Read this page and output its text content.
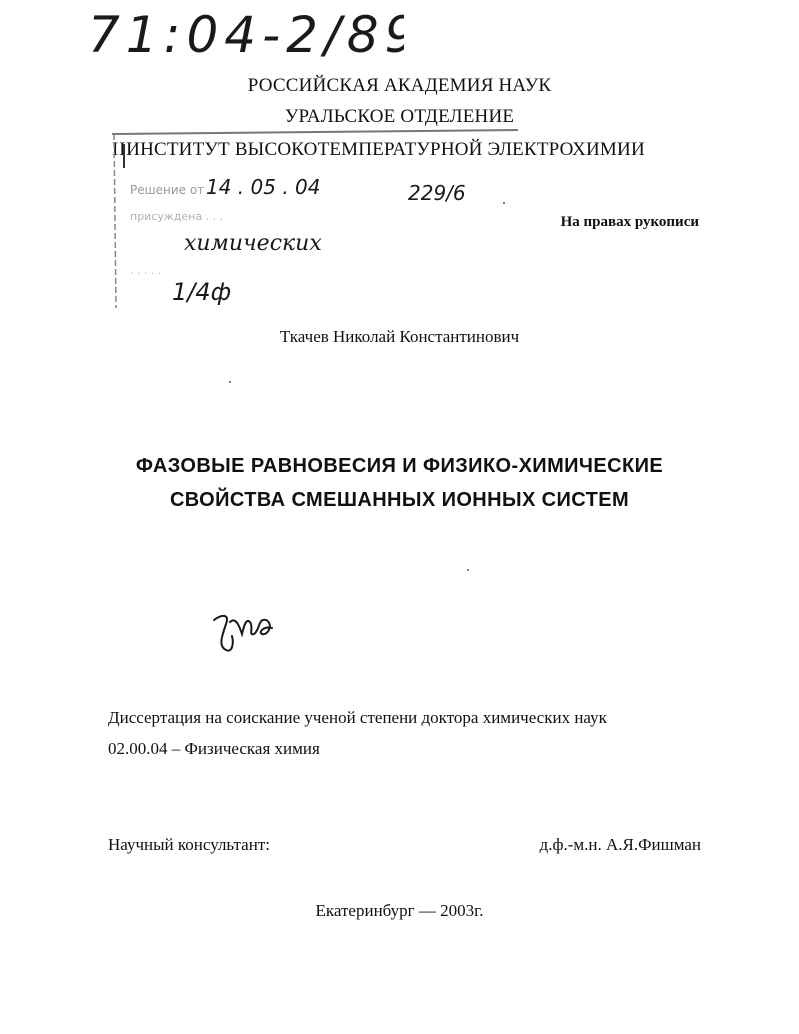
71:04-2/89
РОССИЙСКАЯ АКАДЕМИЯ НАУК
УРАЛЬСКОЕ ОТДЕЛЕНИЕ
I I ИНСТИТУТ ВЫСОКОТЕМПЕРАТУРНОЙ ЭЛЕКТРОХИМИИ
Решение от
присуждена . . .
. . . . .
14 . 05 . 04	229/6
химических
1/4ф
На правах рукописи
Ткачев Николай Константинович
ФАЗОВЫЕ РАВНОВЕСИЯ И ФИЗИКО-ХИМИЧЕСКИЕ
СВОЙСТВА СМЕШАННЫХ ИОННЫХ СИСТЕМ
Диссертация на соискание ученой степени доктора химических наук
02.00.04 – Физическая химия
Научный консультант:	д.ф.-м.н. А.Я.Фишман
Екатеринбург — 2003г.
